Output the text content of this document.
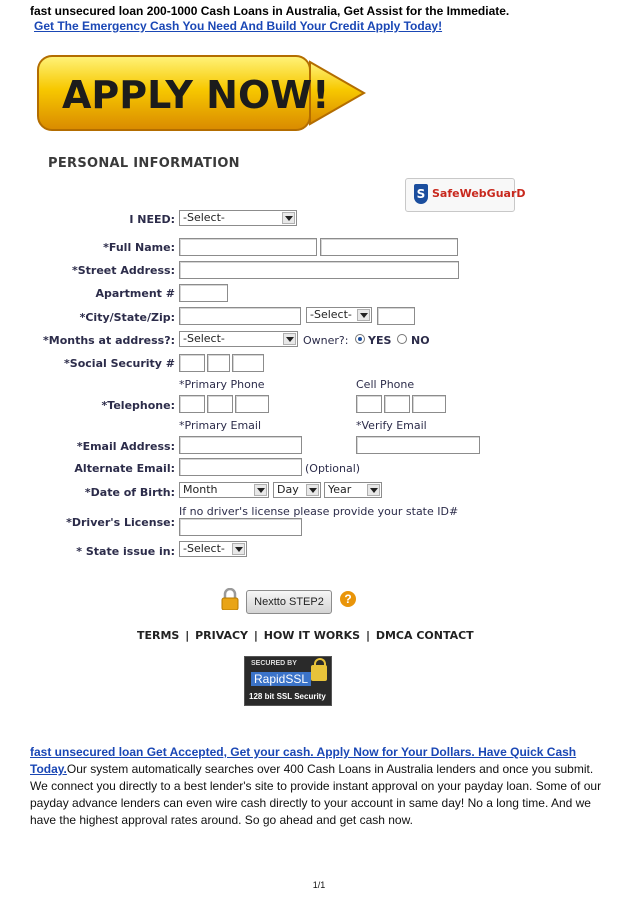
fast unsecured loan 200-1000 Cash Loans in Australia, Get Assist for the Immediate.
Get The Emergency Cash You Need And Build Your Credit Apply Today!
APPLY NOW!
PERSONAL INFORMATION
S SafeWebGuarD
I NEED: -Select-
*Full Name:
*Street Address:
Apartment #
*City/State/Zip:	-Select-
*Months at address?: -Select-	Owner?: YES NO
*Social Security #
*Primary Phone	Cell Phone
*Telephone:
*Primary Email	*Verify Email
*Email Address:
Alternate Email:	(Optional)
*Date of Birth: Month	Day	Year
If no driver's license please provide your state ID#
*Driver's License:
* State issue in: -Select-
Nextto STEP2	?
TERMS | PRIVACY | HOW IT WORKS | DMCA CONTACT
SECURED BY
RapidSSL
128 bit SSL Security
fast unsecured loan Get Accepted, Get your cash. Apply Now for Your Dollars. Have Quick Cash Today.Our system automatically searches over 400 Cash Loans in Australia lenders and once you submit. We connect you directly to a best lender's site to provide instant approval on your payday loan. Some of our payday advance lenders can even wire cash directly to your account in same day! No a long time. And we have the highest approval rates around. So go ahead and get cash now.
1/1
